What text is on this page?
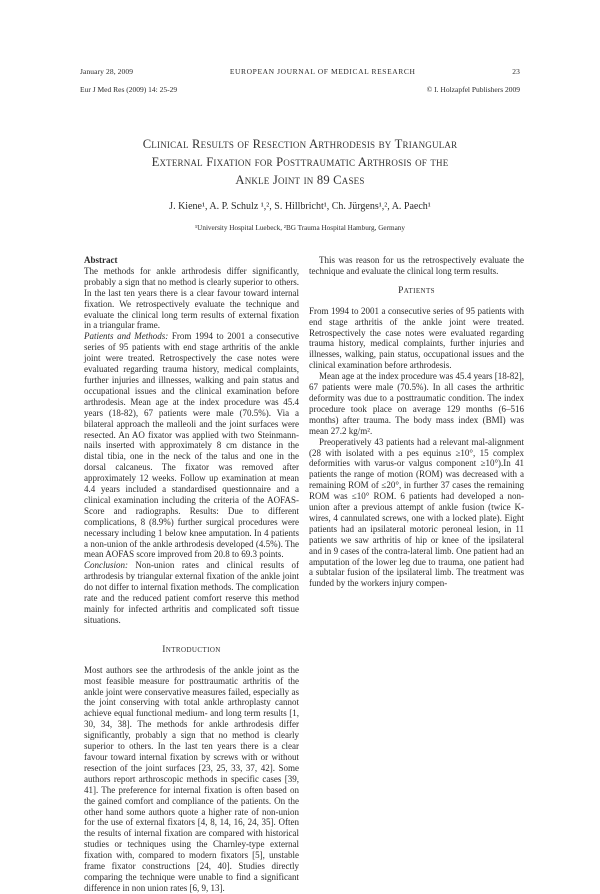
January 28, 2009	EUROPEAN JOURNAL OF MEDICAL RESEARCH	23
Eur J Med Res (2009) 14: 25-29	© I. Holzapfel Publishers 2009
Clinical Results of Resection Arthrodesis by Triangular
External Fixation for Posttraumatic Arthrosis of the
Ankle Joint in 89 Cases
J. Kiene¹, A. P. Schulz ¹,², S. Hillbricht¹, Ch. Jürgens¹,², A. Paech¹
¹University Hospital Luebeck, ²BG Trauma Hospital Hamburg, Germany

Abstract

The methods for ankle arthrodesis differ significantly, probably a sign that no method is clearly superior to others. In the last ten years there is a clear favour toward internal fixation. We retrospectively evaluate the technique and evaluate the clinical long term results of external fixation in a triangular frame.

Patients and Methods: From 1994 to 2001 a consecutive series of 95 patients with end stage arthritis of the ankle joint were treated. Retrospectively the case notes were evaluated regarding trauma history, medical complaints, further injuries and illnesses, walking and pain status and occupational issues and the clinical examination before arthrodesis. Mean age at the index procedure was 45.4 years (18-82), 67 patients were male (70.5%). Via a bilateral approach the malleoli and the joint surfaces were resected. An AO fixator was applied with two Steinmann-nails inserted with approximately 8 cm distance in the distal tibia, one in the neck of the talus and one in the dorsal calcaneus. The fixator was removed after approximately 12 weeks. Follow up examination at mean 4.4 years included a standardised questionnaire and a clinical examination including the criteria of the AOFAS-Score and radiographs. Results: Due to different complications, 8 (8.9%) further surgical procedures were necessary including 1 below knee amputation. In 4 patients a non-union of the ankle arthrodesis developed (4.5%). The mean AOFAS score improved from 20.8 to 69.3 points.

Conclusion: Non-union rates and clinical results of arthrodesis by triangular external fixation of the ankle joint do not differ to internal fixation methods. The complication rate and the reduced patient comfort reserve this method mainly for infected arthritis and complicated soft tissue situations.

Introduction

Most authors see the arthrodesis of the ankle joint as the most feasible measure for posttraumatic arthritis of the ankle joint were conservative measures failed, especially as the joint conserving with total ankle arthroplasty cannot achieve equal functional medium- and long term results [1, 30, 34, 38]. The methods for ankle arthrodesis differ significantly, probably a sign that no method is clearly superior to others. In the last ten years there is a clear favour toward internal fixation by screws with or without resection of the joint surfaces [23, 25, 33, 37, 42]. Some authors report arthroscopic methods in specific cases [39, 41]. The preference for internal fixation is often based on the gained comfort and compliance of the patients. On the other hand some authors quote a higher rate of non-union for the use of external fixators [4, 8, 14, 16, 24, 35]. Often the results of internal fixation are compared with historical studies or techniques using the Charnley-type external fixation with, compared to modern fixators [5], unstable frame fixator constructions [24, 40]. Studies directly comparing the technique were unable to find a significant difference in non union rates [6, 9, 13].

This was reason for us the retrospectively evaluate the technique and evaluate the clinical long term results.

Patients

From 1994 to 2001 a consecutive series of 95 patients with end stage arthritis of the ankle joint were treated. Retrospectively the case notes were evaluated regarding trauma history, medical complaints, further injuries and illnesses, walking, pain status, occupational issues and the clinical examination before arthrodesis.

Mean age at the index procedure was 45.4 years [18-82], 67 patients were male (70.5%). In all cases the arthritic deformity was due to a posttraumatic condition. The index procedure took place on average 129 months (6–516 months) after trauma. The body mass index (BMI) was mean 27.2 kg/m².

Preoperatively 43 patients had a relevant mal-alignment (28 with isolated with a pes equinus ≥10°, 15 complex deformities with varus-or valgus component ≥10°).In 41 patients the range of motion (ROM) was decreased with a remaining ROM of ≤20°, in further 37 cases the remaining ROM was ≤10° ROM. 6 patients had developed a non-union after a previous attempt of ankle fusion (twice K-wires, 4 cannulated screws, one with a locked plate). Eight patients had an ipsilateral motoric peroneal lesion, in 11 patients we saw arthritis of hip or knee of the ipsilateral and in 9 cases of the contra-lateral limb. One patient had an amputation of the lower leg due to trauma, one patient had a subtalar fusion of the ipsilateral limb. The treatment was funded by the workers injury compen-
